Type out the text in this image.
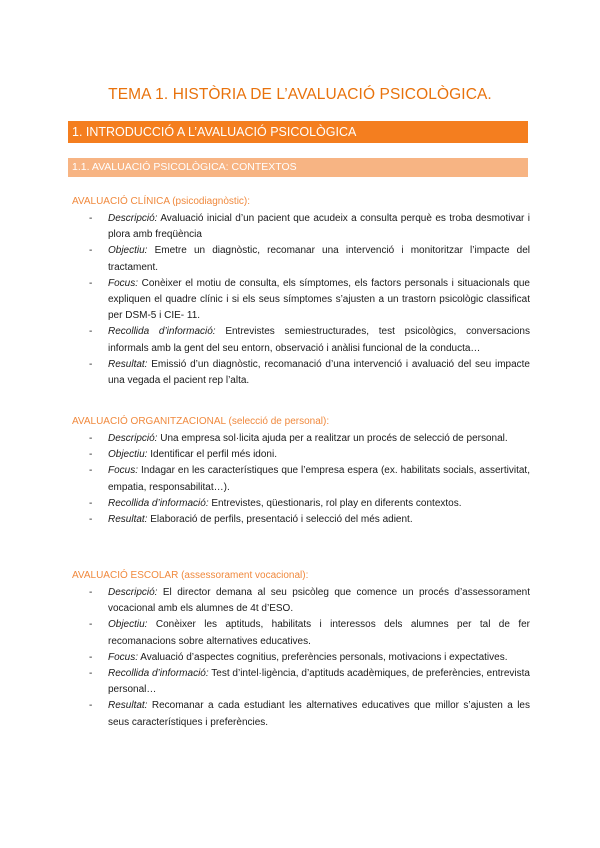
TEMA 1. HISTÒRIA DE L’AVALUACIÓ PSICOLÒGICA.
1. INTRODUCCIÓ A L’AVALUACIÓ PSICOLÒGICA
1.1. AVALUACIÓ PSICOLÒGICA: CONTEXTOS
AVALUACIÓ CLÍNICA (psicodiagnòstic):
- Descripció: Avaluació inicial d’un pacient que acudeix a consulta perquè es troba desmotivar i plora amb freqüència
- Objectiu: Emetre un diagnòstic, recomanar una intervenció i monitoritzar l’impacte del tractament.
- Focus: Conèixer el motiu de consulta, els símptomes, els factors personals i situacionals que expliquen el quadre clínic i si els seus símptomes s’ajusten a un trastorn psicològic classificat per DSM-5 i CIE- 11.
- Recollida d’informació: Entrevistes semiestructurades, test psicològics, conversacions informals amb la gent del seu entorn, observació i anàlisi funcional de la conducta…
- Resultat: Emissió d’un diagnòstic, recomanació d’una intervenció i avaluació del seu impacte una vegada el pacient rep l’alta.
AVALUACIÓ ORGANITZACIONAL (selecció de personal):
- Descripció: Una empresa sol·licita ajuda per a realitzar un procés de selecció de personal.
- Objectiu: Identificar el perfil més idoni.
- Focus: Indagar en les característiques que l’empresa espera (ex. habilitats socials, assertivitat, empatia, responsabilitat…).
- Recollida d’informació: Entrevistes, qüestionaris, rol play en diferents contextos.
- Resultat: Elaboració de perfils, presentació i selecció del més adient.
AVALUACIÓ ESCOLAR (assessorament vocacional):
- Descripció: El director demana al seu psicòleg que comence un procés d’assessorament vocacional amb els alumnes de 4t d’ESO.
- Objectiu: Conèixer les aptituds, habilitats i interessos dels alumnes per tal de fer recomanacions sobre alternatives educatives.
- Focus: Avaluació d’aspectes cognitius, preferències personals, motivacions i expectatives.
- Recollida d’informació: Test d’intel·ligència, d’aptituds acadèmiques, de preferències, entrevista personal…
- Resultat: Recomanar a cada estudiant les alternatives educatives que millor s’ajusten a les seus característiques i preferències.
